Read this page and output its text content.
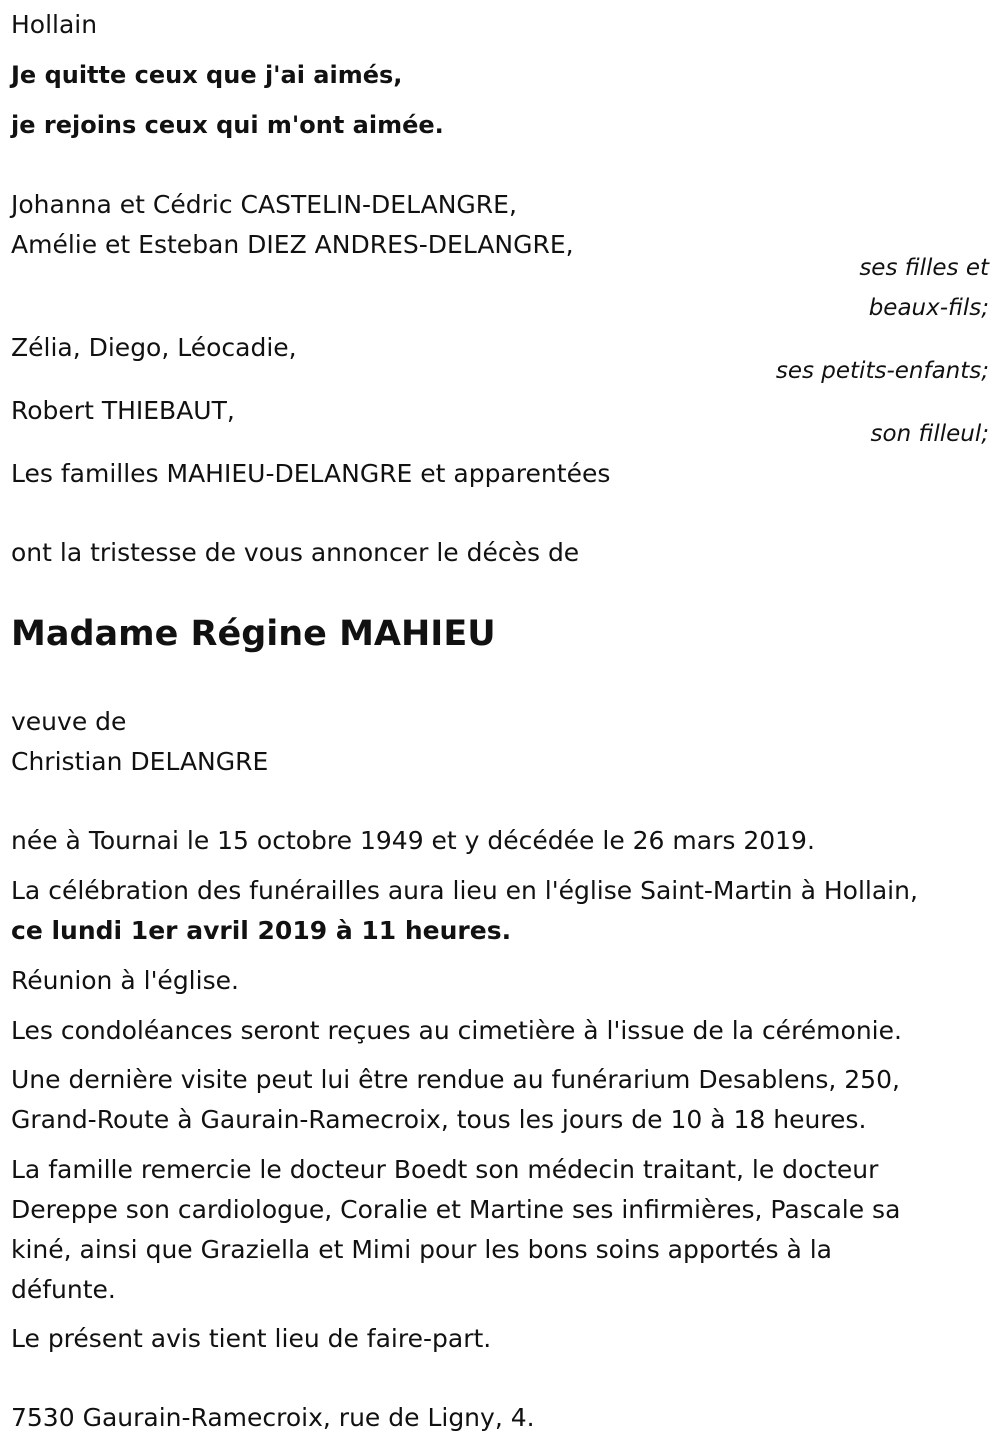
Hollain

Je quitte ceux que j'ai aimés,

je rejoins ceux qui m'ont aimée.

Johanna et Cédric CASTELIN-DELANGRE,

Amélie et Esteban DIEZ ANDRES-DELANGRE,

ses filles et

beaux-fils;

Zélia, Diego, Léocadie,

ses petits-enfants;

Robert THIEBAUT,

son filleul;

Les familles MAHIEU-DELANGRE et apparentées

ont la tristesse de vous annoncer le décès de

Madame Régine MAHIEU

veuve de

Christian DELANGRE

née à Tournai le 15 octobre 1949 et y décédée le 26 mars 2019.

La célébration des funérailles aura lieu en l'église Saint-Martin à Hollain,

ce lundi 1er avril 2019 à 11 heures.

Réunion à l'église.

Les condoléances seront reçues au cimetière à l'issue de la cérémonie.

Une dernière visite peut lui être rendue au funérarium Desablens, 250,

Grand-Route à Gaurain-Ramecroix, tous les jours de 10 à 18 heures.

La famille remercie le docteur Boedt son médecin traitant, le docteur

Dereppe son cardiologue, Coralie et Martine ses infirmières, Pascale sa

kiné, ainsi que Graziella et Mimi pour les bons soins apportés à la

défunte.

Le présent avis tient lieu de faire-part.

7530 Gaurain-Ramecroix, rue de Ligny, 4.
